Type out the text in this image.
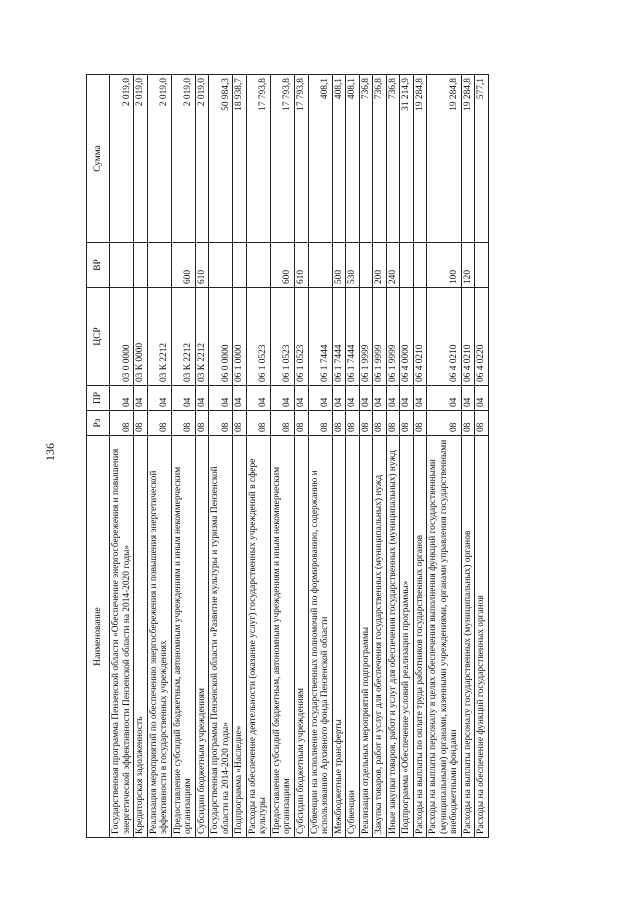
136
Наименование	Рз	ПР	ЦСР	ВР	Сумма
Государственная программа Пензенской области «Обеспечение энергосбережения и повышения энергетической эффективности Пензенской области на 2014-2020 годы»	08	04	03 0 0000		2 019,0
Кредиторская задолженность	08	04	03 К 0000		2 019,0
Реализация мероприятий по обеспечению энергосбережения и повышения энергетической эффективности в государственных учреждениях	08	04	03 К 2212		2 019,0
Предоставление субсидий бюджетным, автономным учреждениям и иным некоммерческим организациям	08	04	03 К 2212	600	2 019,0
Субсидии бюджетным учреждениям	08	04	03 К 2212	610	2 019,0
Государственная программа Пензенской области «Развитие культуры и туризма Пензенской области на 2014-2020 годы»	08	04	06 0 0000		50 984,3
Подпрограмма «Наследие»	08	04	06 1 0000		18 938,7
Расходы на обеспечение деятельности (оказание услуг) государственных учреждений в сфере культуры	08	04	06 1 0523		17 793,8
Предоставление субсидий бюджетным, автономным учреждениям и иным некоммерческим организациям	08	04	06 1 0523	600	17 793,8
Субсидии бюджетным учреждениям	08	04	06 1 0523	610	17 793,8
Субвенции на исполнение государственных полномочий по формированию, содержанию и использованию Архивного фонда Пензенской области	08	04	06 1 7444		408,1
Межбюджетные трансферты	08	04	06 1 7444	500	408,1
Субвенции	08	04	06 1 7444	530	408,1
Реализация отдельных мероприятий подпрограммы	08	04	06 1 9999		736,8
Закупка товаров, работ и услуг для обеспечения государственных (муниципальных) нужд	08	04	06 1 9999	200	736,8
Иные закупки товаров, работ и услуг для обеспечения государственных (муниципальных) нужд	08	04	06 1 9999	240	736,8
Подпрограмма «Обеспечение условий реализации программы»	08	04	06 4 0000		31 214,9
Расходы на выплаты по оплате труда работников государственных органов	08	04	06 4 0210		19 284,8
Расходы на выплаты персоналу в целях обеспечения выполнения функций государственными (муниципальными) органами, казенными учреждениями, органами управления государственными внебюджетными фондами	08	04	06 4 0210	100	19 284,8
Расходы на выплаты персоналу государственных (муниципальных) органов	08	04	06 4 0210	120	19 284,8
Расходы на обеспечение функций государственных органов	08	04	06 4 0220		577,1
